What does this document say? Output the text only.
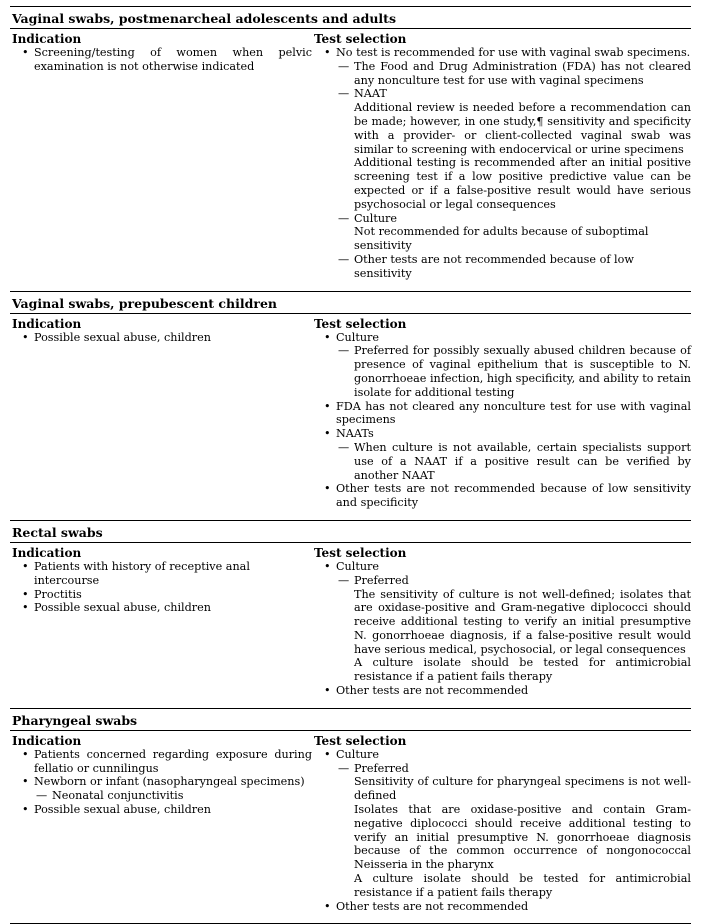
Vaginal swabs, postmenarcheal adolescents and adults
Indication
• Screening/testing of women when pelvic examination is not otherwise indicated
Test selection
• No test is recommended for use with vaginal swab specimens.
— The Food and Drug Administration (FDA) has not cleared any nonculture test for use with vaginal specimens
— NAAT
Additional review is needed before a recommendation can be made; however, in one study,¶ sensitivity and specificity with a provider- or client-collected vaginal swab was similar to screening with endocervical or urine specimens
Additional testing is recommended after an initial positive screening test if a low positive predictive value can be expected or if a false-positive result would have serious psychosocial or legal consequences
— Culture
Not recommended for adults because of suboptimal sensitivity
— Other tests are not recommended because of low sensitivity
Vaginal swabs, prepubescent children
Indication
• Possible sexual abuse, children
Test selection
• Culture
— Preferred for possibly sexually abused children because of presence of vaginal epithelium that is susceptible to N. gonorrhoeae infection, high specificity, and ability to retain isolate for additional testing
• FDA has not cleared any nonculture test for use with vaginal specimens
• NAATs
— When culture is not available, certain specialists support use of a NAAT if a positive result can be verified by another NAAT
• Other tests are not recommended because of low sensitivity and specificity
Rectal swabs
Indication
• Patients with history of receptive anal intercourse
• Proctitis
• Possible sexual abuse, children
Test selection
• Culture
— Preferred
The sensitivity of culture is not well-defined; isolates that are oxidase-positive and Gram-negative diplococci should receive additional testing to verify an initial presumptive N. gonorrhoeae diagnosis, if a false-positive result would have serious medical, psychosocial, or legal consequences
A culture isolate should be tested for antimicrobial resistance if a patient fails therapy
• Other tests are not recommended
Pharyngeal swabs
Indication
• Patients concerned regarding exposure during fellatio or cunnilingus
• Newborn or infant (nasopharyngeal specimens)
— Neonatal conjunctivitis
• Possible sexual abuse, children
Test selection
• Culture
— Preferred
Sensitivity of culture for pharyngeal specimens is not well-defined
Isolates that are oxidase-positive and contain Gram-negative diplococci should receive additional testing to verify an initial presumptive N. gonorrhoeae diagnosis because of the common occurrence of nongonococcal Neisseria in the pharynx
A culture isolate should be tested for antimicrobial resistance if a patient fails therapy
• Other tests are not recommended
